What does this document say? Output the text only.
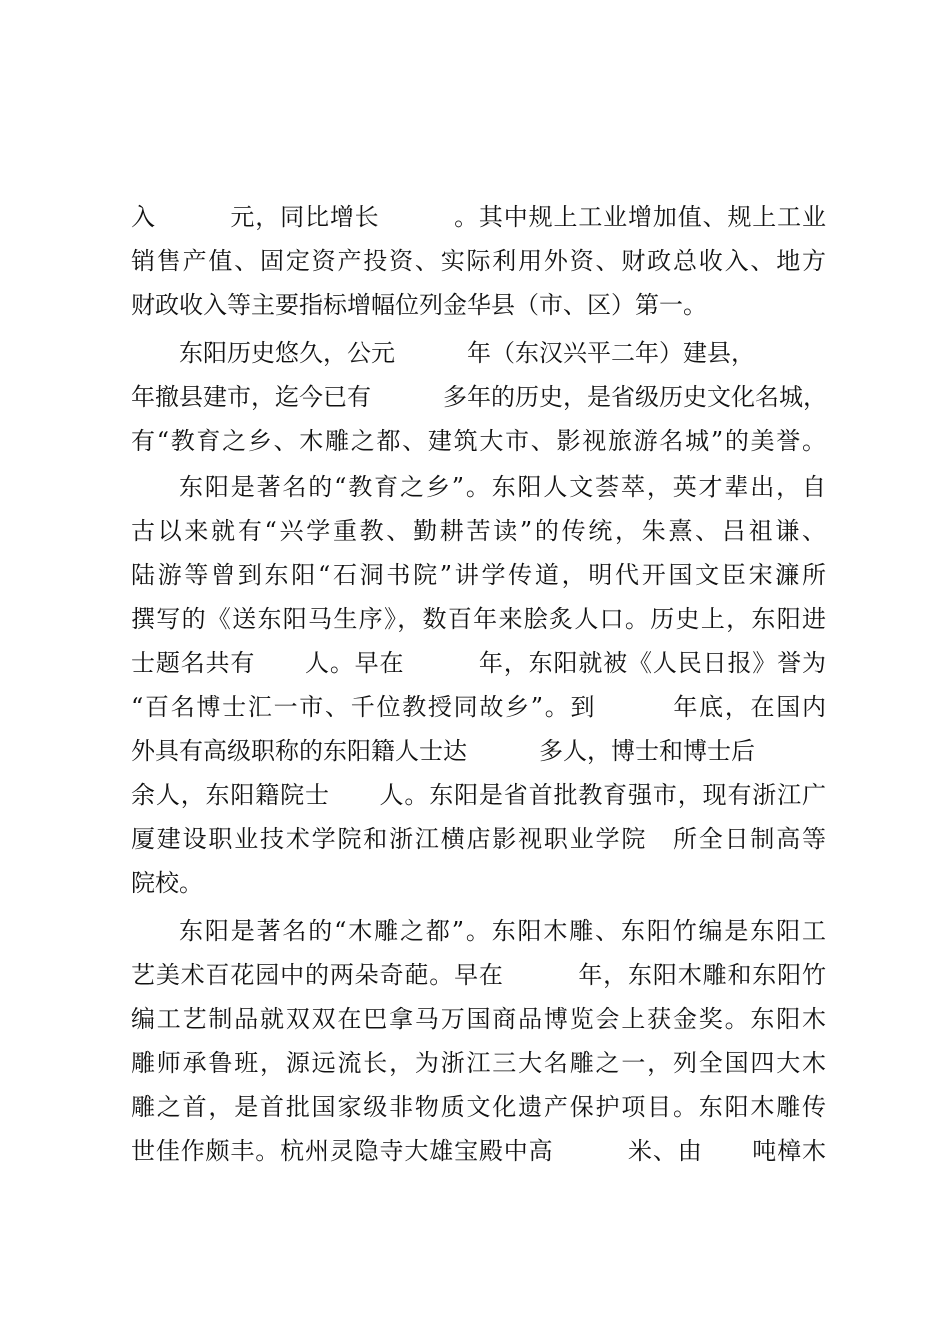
入　　　元，同比增长　　　。其中规上工业增加值、规上工业
销售产值、固定资产投资、实际利用外资、财政总收入、地方
财政收入等主要指标增幅位列金华县（市、区）第一。
东阳历史悠久，公元　　　年（东汉兴平二年）建县，
年撤县建市，迄今已有　　　多年的历史，是省级历史文化名城，
有“教育之乡、木雕之都、建筑大市、影视旅游名城”的美誉。
东阳是著名的“教育之乡”。东阳人文荟萃，英才辈出，自
古以来就有“兴学重教、勤耕苦读”的传统，朱熹、吕祖谦、
陆游等曾到东阳“石洞书院”讲学传道，明代开国文臣宋濂所
撰写的《送东阳马生序》，数百年来脍炙人口。历史上，东阳进
士题名共有　　人。早在　　　年，东阳就被《人民日报》誉为
“百名博士汇一市、千位教授同故乡”。到　　　年底，在国内
外具有高级职称的东阳籍人士达　　　多人，博士和博士后
余人，东阳籍院士　　人。东阳是省首批教育强市，现有浙江广
厦建设职业技术学院和浙江横店影视职业学院　所全日制高等
院校。
东阳是著名的“木雕之都”。东阳木雕、东阳竹编是东阳工
艺美术百花园中的两朵奇葩。早在　　　年，东阳木雕和东阳竹
编工艺制品就双双在巴拿马万国商品博览会上获金奖。东阳木
雕师承鲁班，源远流长，为浙江三大名雕之一，列全国四大木
雕之首，是首批国家级非物质文化遗产保护项目。东阳木雕传
世佳作颇丰。杭州灵隐寺大雄宝殿中高　　　米、由　　吨樟木
